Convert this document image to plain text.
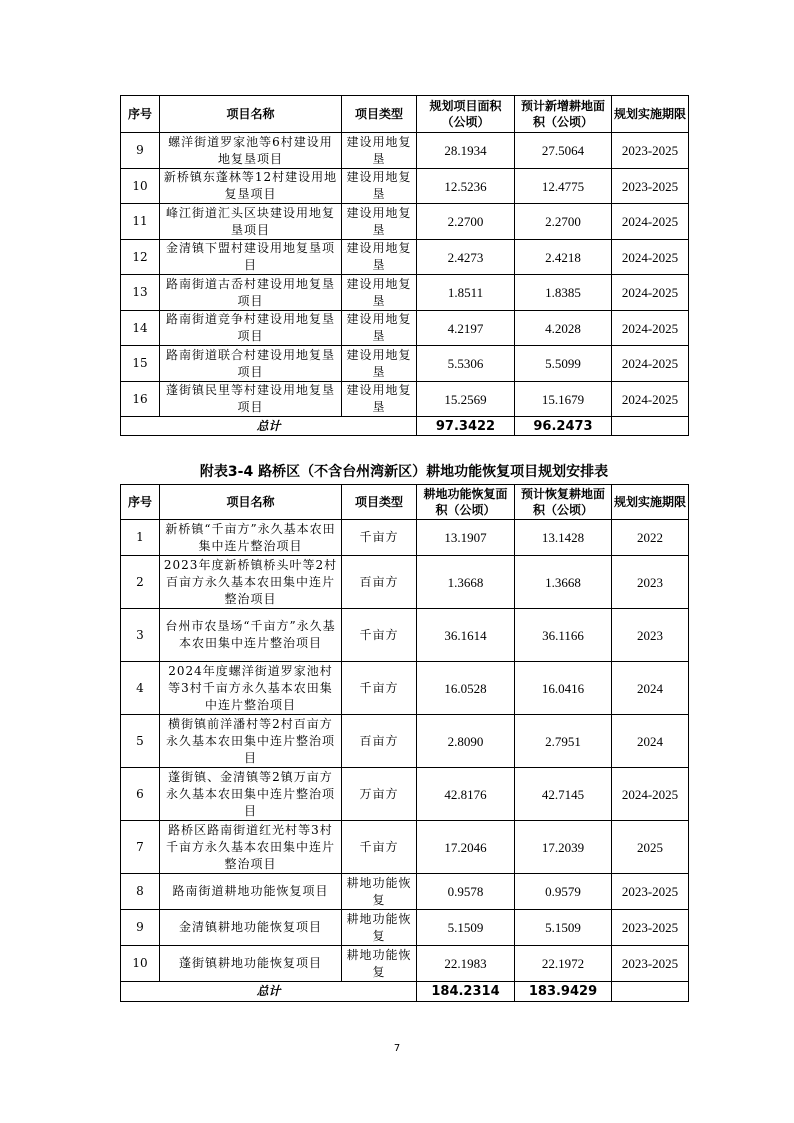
序号	项目名称	项目类型	规划项目面积（公顷）	预计新增耕地面积（公顷）	规划实施期限
9	螺洋街道罗家池等6村建设用地复垦项目	建设用地复垦	28.1934	27.5064	2023-2025
10	新桥镇东蓬林等12村建设用地复垦项目	建设用地复垦	12.5236	12.4775	2023-2025
11	峰江街道汇头区块建设用地复垦项目	建设用地复垦	2.2700	2.2700	2024-2025
12	金清镇下盟村建设用地复垦项目	建设用地复垦	2.4273	2.4218	2024-2025
13	路南街道古岙村建设用地复垦项目	建设用地复垦	1.8511	1.8385	2024-2025
14	路南街道竞争村建设用地复垦项目	建设用地复垦	4.2197	4.2028	2024-2025
15	路南街道联合村建设用地复垦项目	建设用地复垦	5.5306	5.5099	2024-2025
16	蓬街镇民里等村建设用地复垦项目	建设用地复垦	15.2569	15.1679	2024-2025
总计			97.3422	96.2473	
附表3-4 路桥区（不含台州湾新区）耕地功能恢复项目规划安排表
序号	项目名称	项目类型	耕地功能恢复面积（公顷）	预计恢复耕地面积（公顷）	规划实施期限
1	新桥镇“千亩方”永久基本农田集中连片整治项目	千亩方	13.1907	13.1428	2022
2	2023年度新桥镇桥头叶等2村百亩方永久基本农田集中连片整治项目	百亩方	1.3668	1.3668	2023
3	台州市农垦场“千亩方”永久基本农田集中连片整治项目	千亩方	36.1614	36.1166	2023
4	2024年度螺洋街道罗家池村等3村千亩方永久基本农田集中连片整治项目	千亩方	16.0528	16.0416	2024
5	横街镇前洋潘村等2村百亩方永久基本农田集中连片整治项目	百亩方	2.8090	2.7951	2024
6	蓬街镇、金清镇等2镇万亩方永久基本农田集中连片整治项目	万亩方	42.8176	42.7145	2024-2025
7	路桥区路南街道红光村等3村千亩方永久基本农田集中连片整治项目	千亩方	17.2046	17.2039	2025
8	路南街道耕地功能恢复项目	耕地功能恢复	0.9578	0.9579	2023-2025
9	金清镇耕地功能恢复项目	耕地功能恢复	5.1509	5.1509	2023-2025
10	蓬街镇耕地功能恢复项目	耕地功能恢复	22.1983	22.1972	2023-2025
总计			184.2314	183.9429	
7
